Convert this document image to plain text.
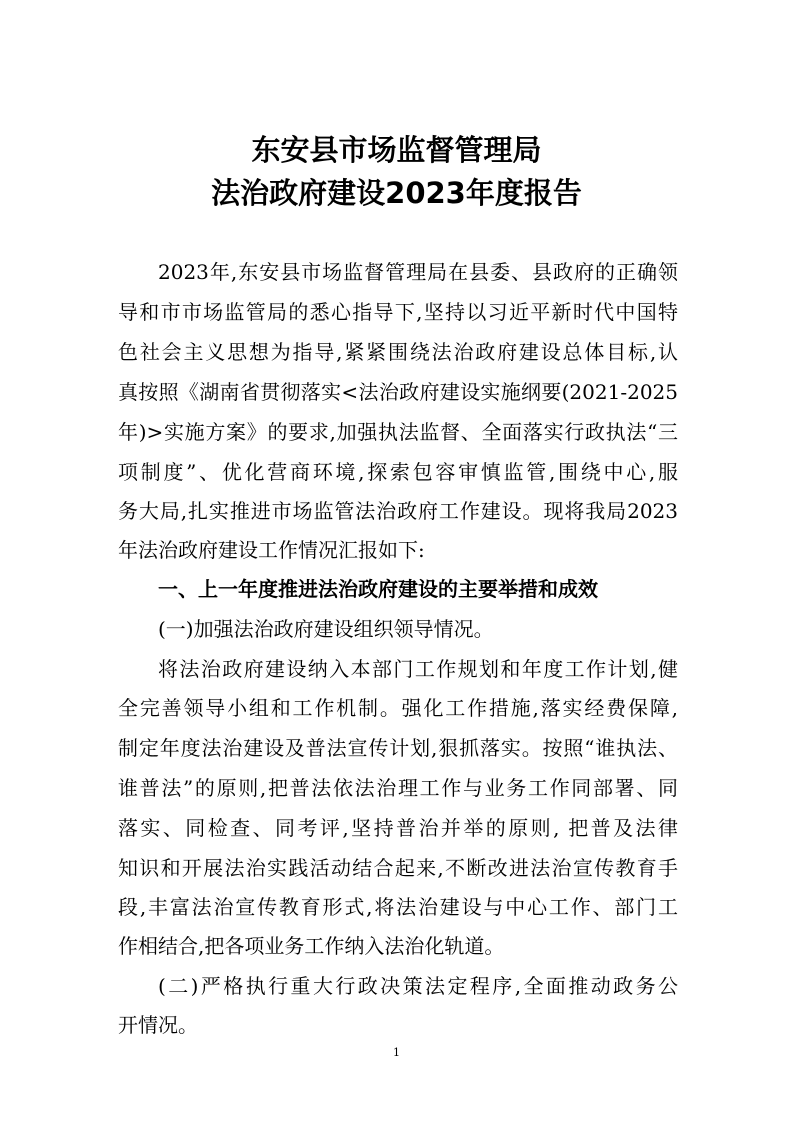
东安县市场监督管理局
法治政府建设2023年度报告
2023年,东安县市场监督管理局在县委、县政府的正确领
导和市市场监管局的悉心指导下,坚持以习近平新时代中国特
色社会主义思想为指导,紧紧围绕法治政府建设总体目标,认
真按照《湖南省贯彻落实<法治政府建设实施纲要(2021-2025
年)>实施方案》的要求,加强执法监督、全面落实行政执法“三
项制度”、优化营商环境,探索包容审慎监管,围绕中心,服
务大局,扎实推进市场监管法治政府工作建设。现将我局2023
年法治政府建设工作情况汇报如下:
一、上一年度推进法治政府建设的主要举措和成效
(一)加强法治政府建设组织领导情况。
将法治政府建设纳入本部门工作规划和年度工作计划,健
全完善领导小组和工作机制。强化工作措施,落实经费保障,
制定年度法治建设及普法宣传计划,狠抓落实。按照“谁执法、
谁普法”的原则,把普法依法治理工作与业务工作同部署、同
落实、同检查、同考评,坚持普治并举的原则, 把普及法律
知识和开展法治实践活动结合起来,不断改进法治宣传教育手
段,丰富法治宣传教育形式,将法治建设与中心工作、部门工
作相结合,把各项业务工作纳入法治化轨道。
(二)严格执行重大行政决策法定程序,全面推动政务公
开情况。
1
